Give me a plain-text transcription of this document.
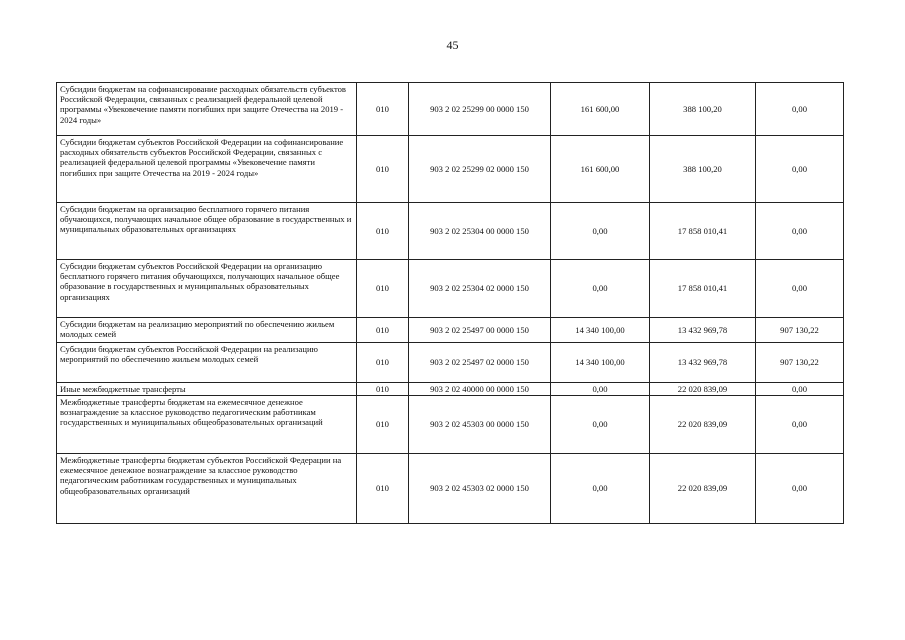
45
Субсидии бюджетам на софинансирование расходных обязательств субъектов Российской Федерации, связанных с реализацией федеральной целевой программы «Увековечение памяти погибших при защите Отечества на 2019 - 2024 годы»	010	903 2 02 25299 00 0000 150	161 600,00	388 100,20	0,00
Субсидии бюджетам субъектов Российской Федерации на софинансирование расходных обязательств субъектов Российской Федерации, связанных с реализацией федеральной целевой программы «Увековечение памяти погибших при защите Отечества на 2019 - 2024 годы»	010	903 2 02 25299 02 0000 150	161 600,00	388 100,20	0,00
Субсидии бюджетам на организацию бесплатного горячего питания обучающихся, получающих начальное общее образование в государственных и муниципальных образовательных организациях	010	903 2 02 25304 00 0000 150	0,00	17 858 010,41	0,00
Субсидии бюджетам субъектов Российской Федерации на организацию бесплатного горячего питания обучающихся, получающих начальное общее образование в государственных и муниципальных образовательных организациях	010	903 2 02 25304 02 0000 150	0,00	17 858 010,41	0,00
Субсидии бюджетам на реализацию мероприятий по обеспечению жильем молодых семей	010	903 2 02 25497 00 0000 150	14 340 100,00	13 432 969,78	907 130,22
Субсидии бюджетам субъектов Российской Федерации на реализацию мероприятий по обеспечению жильем молодых семей	010	903 2 02 25497 02 0000 150	14 340 100,00	13 432 969,78	907 130,22
Иные межбюджетные трансферты	010	903 2 02 40000 00 0000 150	0,00	22 020 839,09	0,00
Межбюджетные трансферты бюджетам на ежемесячное денежное вознаграждение за классное руководство педагогическим работникам государственных и муниципальных общеобразовательных организаций	010	903 2 02 45303 00 0000 150	0,00	22 020 839,09	0,00
Межбюджетные трансферты бюджетам субъектов Российской Федерации на ежемесячное денежное вознаграждение за классное руководство педагогическим работникам государственных и муниципальных общеобразовательных организаций	010	903 2 02 45303 02 0000 150	0,00	22 020 839,09	0,00
